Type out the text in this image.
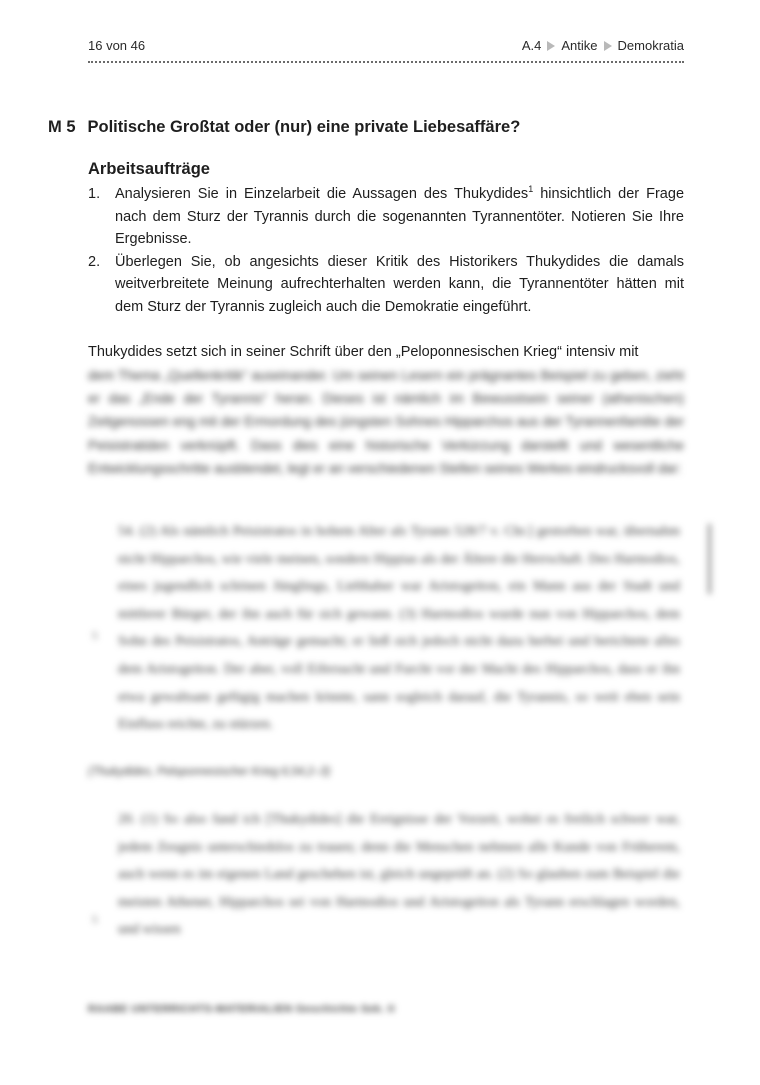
16 von 46	A.4 Antike Demokratia
M 5 Politische Großtat oder (nur) eine private Liebesaffäre?
Arbeitsaufträge
1. Analysieren Sie in Einzelarbeit die Aussagen des Thukydides$^1$ hinsichtlich der Frage nach dem Sturz der Tyrannis durch die sogenannten Tyrannentöter. Notieren Sie Ihre Ergebnisse.
2. Überlegen Sie, ob angesichts dieser Kritik des Historikers Thukydides die damals weitverbreitete Meinung aufrechterhalten werden kann, die Tyrannentöter hätten mit dem Sturz der Tyrannis zugleich auch die Demokratie eingeführt.
Thukydides setzt sich in seiner Schrift über den „Peloponnesischen Krieg“ intensiv mit
dem Thema „Quellenkritik“ auseinander. Um seinen Lesern ein prägnantes Beispiel zu geben, zieht er das „Ende der Tyrannis“ heran. Dieses ist nämlich im Bewusstsein seiner (athenischen) Zeitgenossen eng mit der Ermordung des jüngsten Sohnes Hipparchos aus der Tyrannenfamilie der Peisistratiden verknüpft. Dass dies eine historische Verkürzung darstellt und wesentliche Entwicklungsschritte ausblendet, legt er an verschiedenen Stellen seines Werkes eindrucksvoll dar:
54. (2) Als nämlich Peisistratos in hohem Alter als Tyrann 528/7 v. Chr.] gestorben war, übernahm nicht Hipparchos, wie viele meinen, sondern Hippias als der Ältere die Herrschaft. Des Harmodios, eines jugendlich schönen Jünglings, Liebhaber war Aristogeiton, ein Mann aus der Stadt und mittlerer Bürger, der ihn auch für sich gewann. (3) Harmodios wurde nun von Hipparchos, dem Sohn des Peisistratos, Anträge gemacht; er ließ sich jedoch nicht dazu herbei und berichtete alles dem Aristogeiton. Der aber, voll Eifersucht und Furcht vor der Macht des Hipparchos, dass er ihn etwa gewaltsam gefügig machen könnte, sann sogleich darauf, die Tyrannis, so weit eben sein Einfluss reichte, zu stürzen.
5
(Thukydides, Peloponnesischer Krieg 6,54,2–3)
20. (1) So also fand ich [Thukydides] die Ereignisse der Vorzeit, wobei es freilich schwer war, jedem Zeugnis unterschiedslos zu trauen; denn die Menschen nehmen alle Kunde von Früherem, auch wenn es im eigenen Land geschehen ist, gleich ungeprüft an. (2) So glauben zum Beispiel die meisten Athener, Hipparchos sei von Harmodios und Aristogeiton als Tyrann erschlagen worden, und wissen
5
RAABE UNTERRICHTS-MATERIALIEN Geschichte Sek. II
